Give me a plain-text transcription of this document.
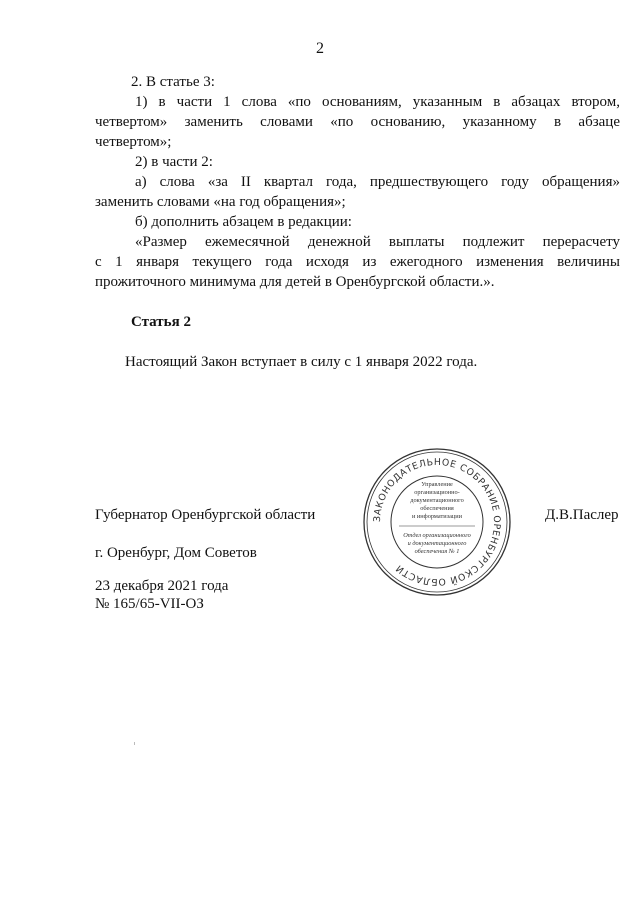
2

2. В статье 3:

1) в части 1 слова «по основаниям, указанным в абзацах втором,

четвертом» заменить словами «по основанию, указанному в абзаце

четвертом»;

2) в части 2:

а) слова «за II квартал года, предшествующего году обращения»

заменить словами «на год обращения»;

б) дополнить абзацем в редакции:

«Размер ежемесячной денежной выплаты подлежит перерасчету

с 1 января текущего года исходя из ежегодного изменения величины

прожиточного минимума для детей в Оренбургской области.».

Статья 2

Настоящий Закон вступает в силу с 1 января 2022 года.

Губернатор Оренбургской области	Д.В.Паслер
г. Оренбург, Дом Советов
23 декабря 2021 года
№ 165/65-VII-ОЗ
ЗАКОНОДАТЕЛЬНОЕ СОБРАНИЕ ОРЕНБУРГСКОЙ ОБЛАСТИ
Управление
организационно-
документационного
обеспечения
и информатизации
Отдел организационного
и документационного
обеспечения № 1
